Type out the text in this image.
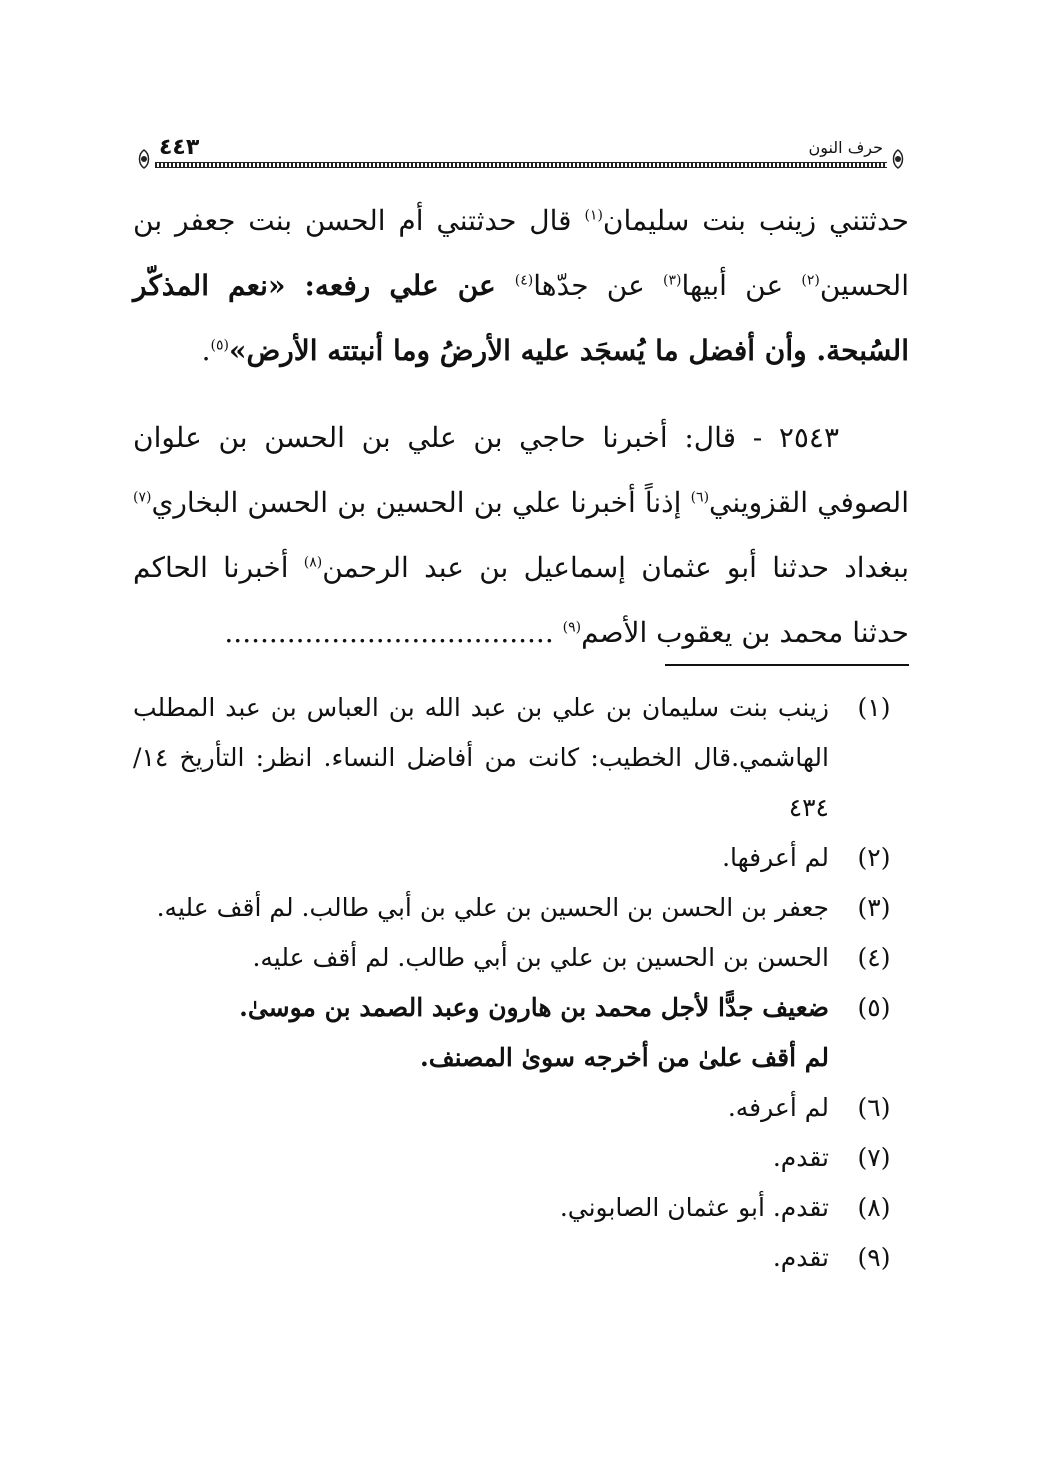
حرف النون
٤٤٣
حدثتني زينب بنت سليمان$^{(١)}$ قال حدثتني أم الحسن بنت جعفر بن الحسين$^{(٢)}$ عن أبيها$^{(٣)}$ عن جدّها$^{(٤)}$ عن علي رفعه: «نعم المذكّر السُبحة. وأن أفضل ما يُسجَد عليه الأرضُ وما أنبتته الأرض»$^{(٥)}$.
٢٥٤٣ - قال: أخبرنا حاجي بن علي بن الحسن بن علوان الصوفي القزويني$^{(٦)}$ إذناً أخبرنا علي بن الحسين بن الحسن البخاري$^{(٧)}$ ببغداد حدثنا أبو عثمان إسماعيل بن عبد الرحمن$^{(٨)}$ أخبرنا الحاكم حدثنا محمد بن يعقوب الأصم$^{(٩)}$ .....................................
(١)
زينب بنت سليمان بن علي بن عبد الله بن العباس بن عبد المطلب الهاشمي.قال الخطيب: كانت من أفاضل النساء. انظر: التأريخ ١٤/ ٤٣٤
(٢)
لم أعرفها.
(٣)
جعفر بن الحسن بن الحسين بن علي بن أبي طالب. لم أقف عليه.
(٤)
الحسن بن الحسين بن علي بن أبي طالب. لم أقف عليه.
(٥)
ضعيف جدًّا لأجل محمد بن هارون وعبد الصمد بن موسىٰ.
لم أقف علىٰ من أخرجه سوىٰ المصنف.
(٦)
لم أعرفه.
(٧)
تقدم.
(٨)
تقدم. أبو عثمان الصابوني.
(٩)
تقدم.
